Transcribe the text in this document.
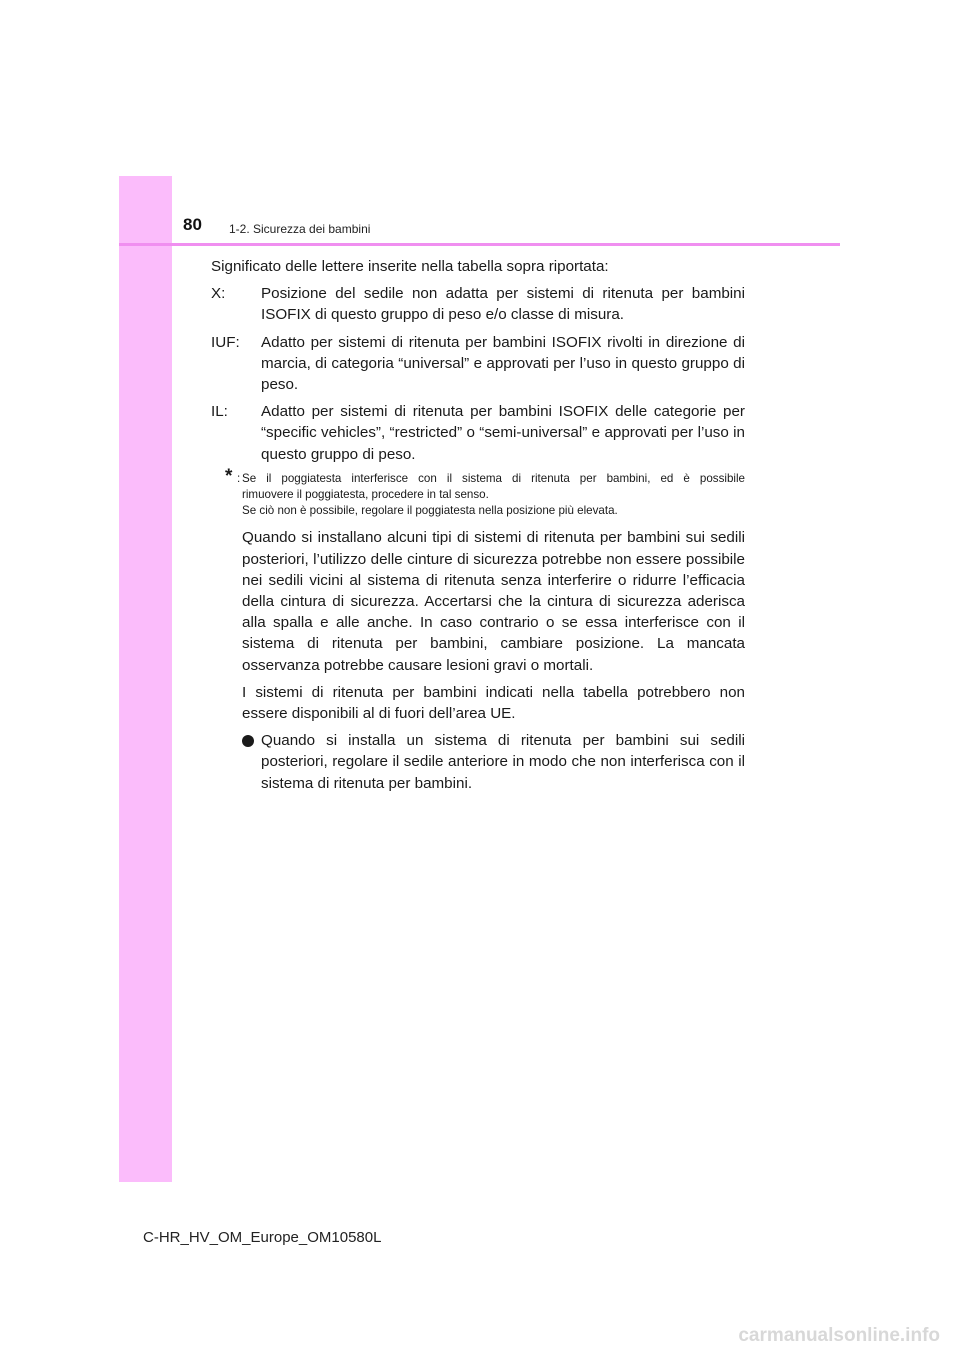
80 1-2. Sicurezza dei bambini

Significato delle lettere inserite nella tabella sopra riportata:

X: Posizione del sedile non adatta per sistemi di ritenuta per bambini ISOFIX di questo gruppo di peso e/o classe di misura.
IUF: Adatto per sistemi di ritenuta per bambini ISOFIX rivolti in direzione di marcia, di categoria “universal” e approvati per l’uso in questo gruppo di peso.
IL: Adatto per sistemi di ritenuta per bambini ISOFIX delle categorie per “specific vehicles”, “restricted” o “semi-universal” e approvati per l’uso in questo gruppo di peso.
* : Se il poggiatesta interferisce con il sistema di ritenuta per bambini, ed è possibile
rimuovere il poggiatesta, procedere in tal senso.
Se ciò non è possibile, regolare il poggiatesta nella posizione più elevata.

Quando si installano alcuni tipi di sistemi di ritenuta per bambini sui sedili posteriori, l’utilizzo delle cinture di sicurezza potrebbe non essere possibile nei sedili vicini al sistema di ritenuta senza interferire o ridurre l’efficacia della cintura di sicurezza. Accertarsi che la cintura di sicurezza aderisca alla spalla e alle anche. In caso contrario o se essa interferisce con il sistema di ritenuta per bambini, cambiare posizione. La mancata osservanza potrebbe causare lesioni gravi o mortali.

I sistemi di ritenuta per bambini indicati nella tabella potrebbero non essere disponibili al di fuori dell’area UE.

Quando si installa un sistema di ritenuta per bambini sui sedili posteriori, regolare il sedile anteriore in modo che non interferisca con il sistema di ritenuta per bambini.
C-HR_HV_OM_Europe_OM10580L
carmanualsonline.info
